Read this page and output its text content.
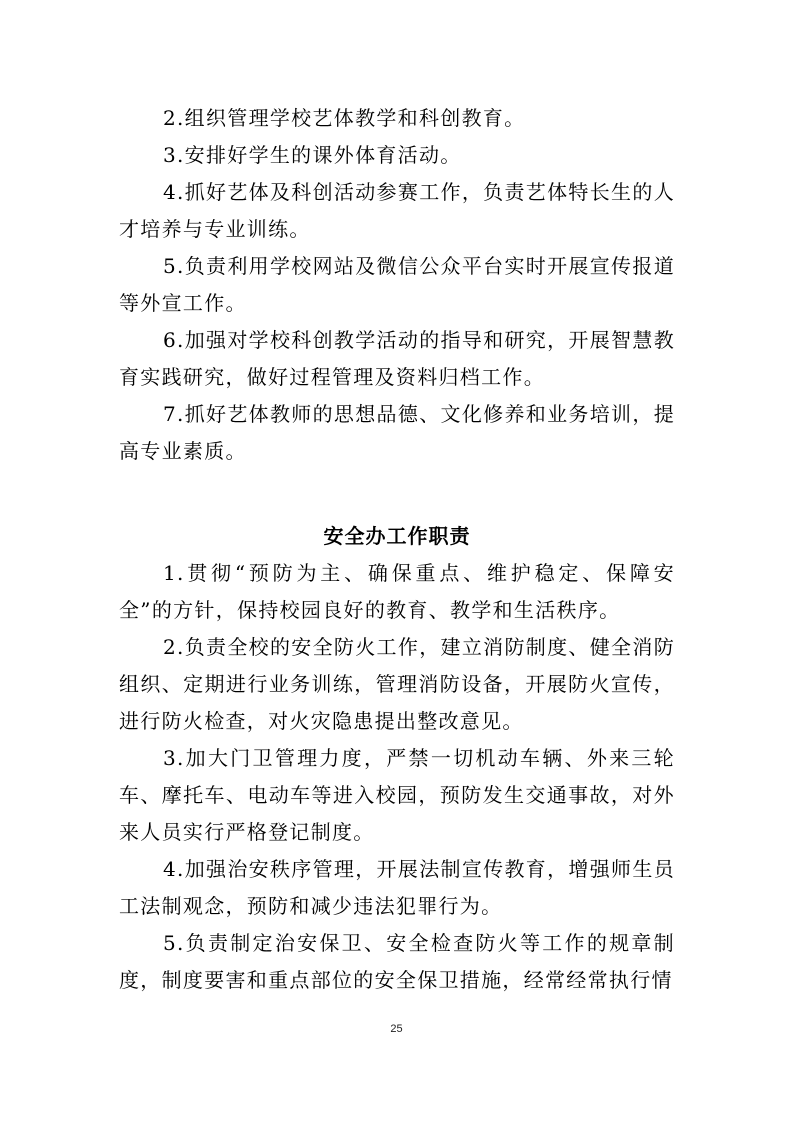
2.组织管理学校艺体教学和科创教育。

3.安排好学生的课外体育活动。

4.抓好艺体及科创活动参赛工作，负责艺体特长生的人才培养与专业训练。

5.负责利用学校网站及微信公众平台实时开展宣传报道等外宣工作。

6.加强对学校科创教学活动的指导和研究，开展智慧教育实践研究，做好过程管理及资料归档工作。

7.抓好艺体教师的思想品德、文化修养和业务培训，提高专业素质。

安全办工作职责

1.贯彻“预防为主、确保重点、维护稳定、保障安全”的方针，保持校园良好的教育、教学和生活秩序。

2.负责全校的安全防火工作，建立消防制度、健全消防组织、定期进行业务训练，管理消防设备，开展防火宣传，进行防火检查，对火灾隐患提出整改意见。

3.加大门卫管理力度，严禁一切机动车辆、外来三轮车、摩托车、电动车等进入校园，预防发生交通事故，对外来人员实行严格登记制度。

4.加强治安秩序管理，开展法制宣传教育，增强师生员工法制观念，预防和减少违法犯罪行为。

5.负责制定治安保卫、安全检查防火等工作的规章制度，制度要害和重点部位的安全保卫措施，经常经常执行情

25
